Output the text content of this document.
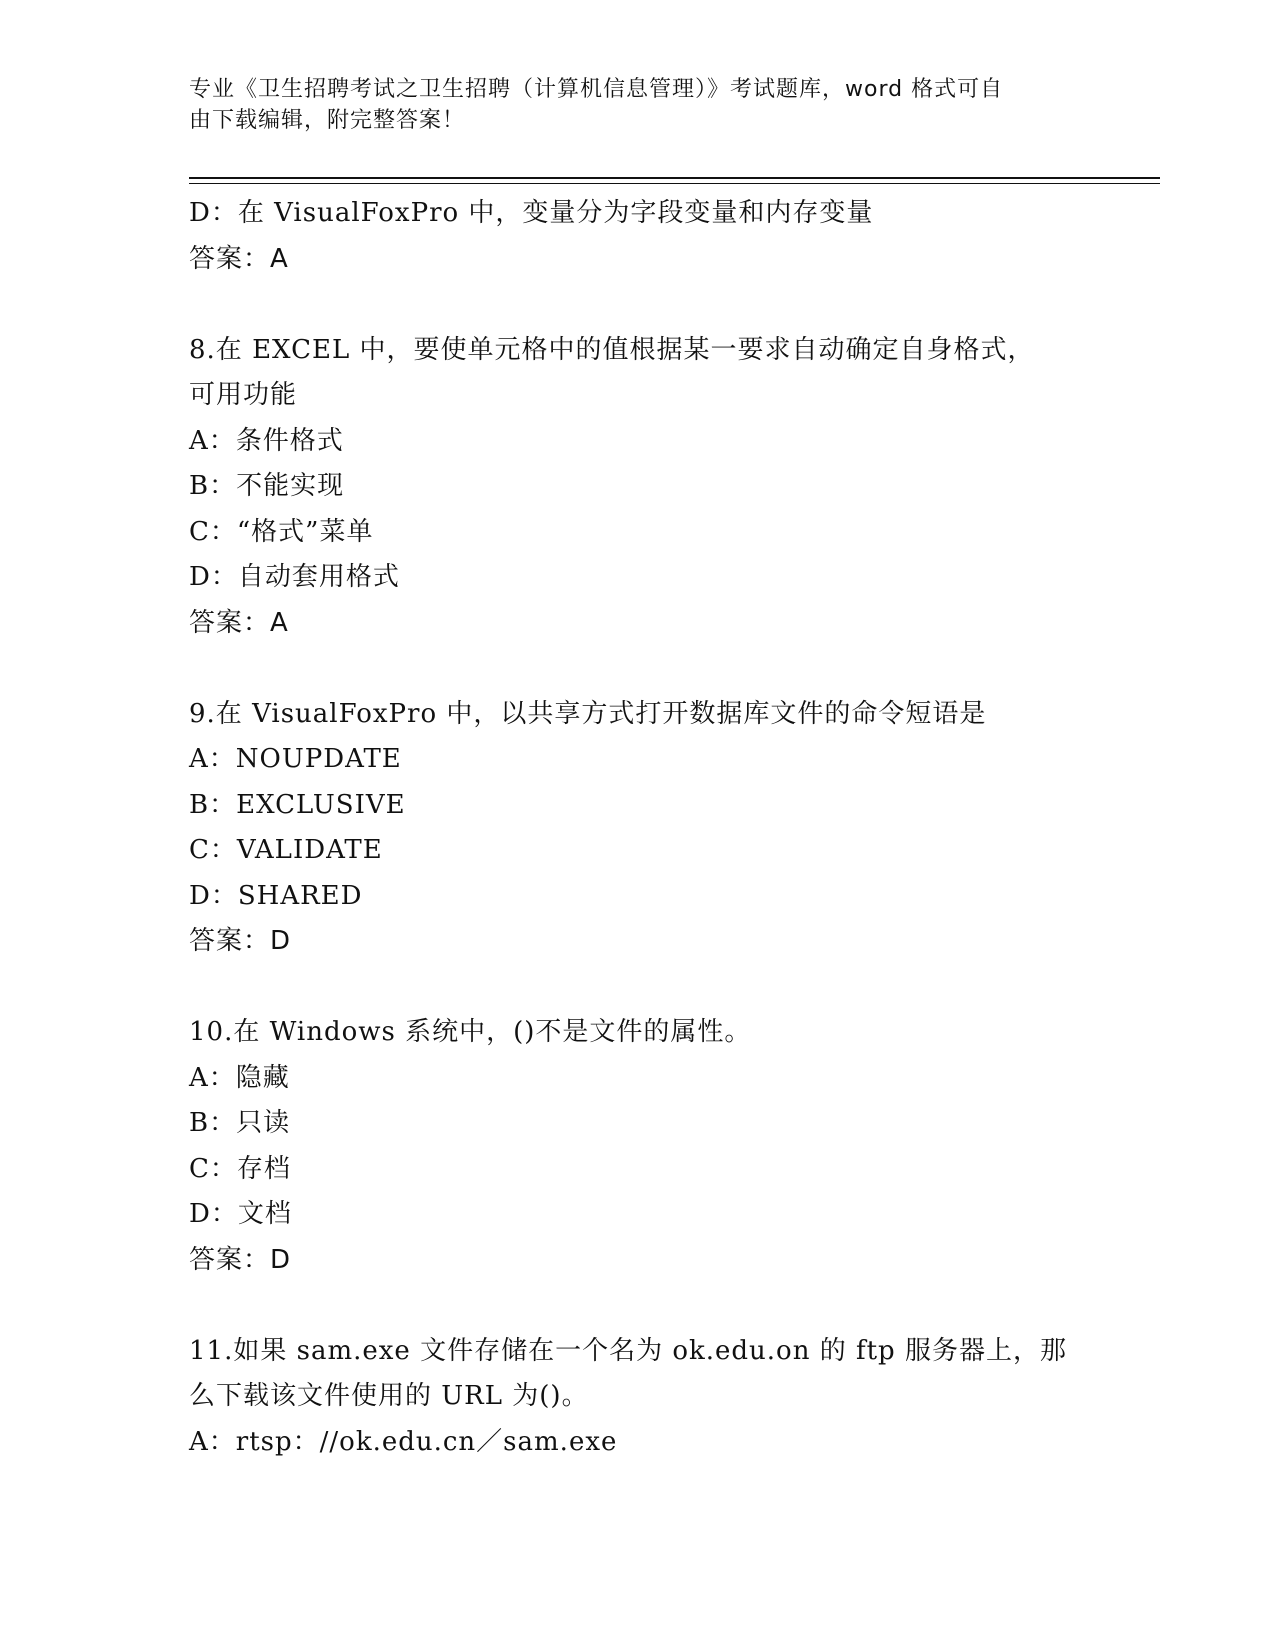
专业《卫生招聘考试之卫生招聘（计算机信息管理）》考试题库，word 格式可自
由下载编辑，附完整答案！
D：在 VisualFoxPro 中，变量分为字段变量和内存变量
答案：A
8.在 EXCEL 中，要使单元格中的值根据某一要求自动确定自身格式，
可用功能
A：条件格式
B：不能实现
C：“格式”菜单
D：自动套用格式
答案：A
9.在 VisualFoxPro 中，以共享方式打开数据库文件的命令短语是
A：NOUPDATE
B：EXCLUSIVE
C：VALIDATE
D：SHARED
答案：D
10.在 Windows 系统中，()不是文件的属性。
A：隐藏
B：只读
C：存档
D：文档
答案：D
11.如果 sam.exe 文件存储在一个名为 ok.edu.on 的 ftp 服务器上，那
么下载该文件使用的 URL 为()。
A：rtsp：//ok.edu.cn／sam.exe
